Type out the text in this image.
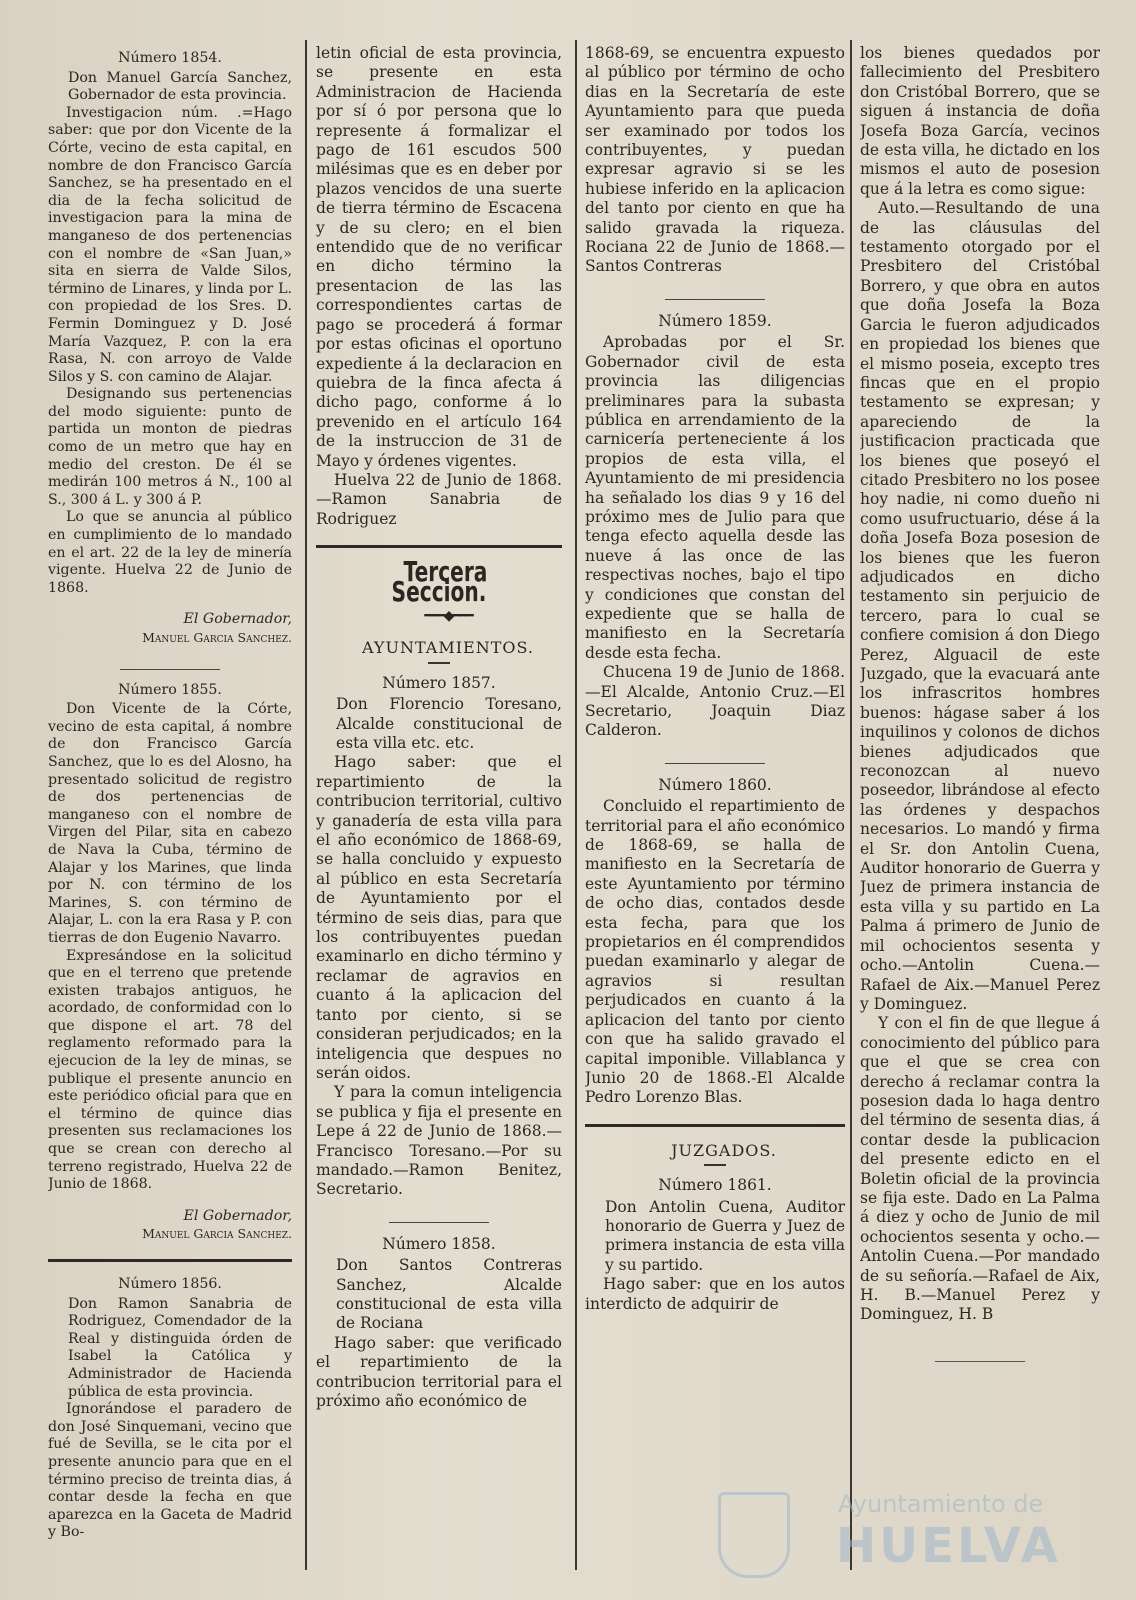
Número 1854.

Don Manuel García Sanchez, Gobernador de esta provincia.

Investigacion núm. .=Hago saber: que por don Vicente de la Córte, vecino de esta capital, en nombre de don Francisco García Sanchez, se ha presentado en el dia de la fecha solicitud de investigacion para la mina de manganeso de dos pertenencias con el nombre de «San Juan,» sita en sierra de Valde Silos, término de Linares, y linda por L. con propiedad de los Sres. D. Fermin Dominguez y D. José María Vazquez, P. con la era Rasa, N. con arroyo de Valde Silos y S. con camino de Alajar.

Designando sus pertenencias del modo siguiente: punto de partida un monton de piedras como de un metro que hay en medio del creston. De él se medirán 100 metros á N., 100 al S., 300 á L. y 300 á P.

Lo que se anuncia al público en cumplimiento de lo mandado en el art. 22 de la ley de minería vigente. Huelva 22 de Junio de 1868.

El Gobernador,

Manuel Garcia Sanchez.

Número 1855.

Don Vicente de la Córte, vecino de esta capital, á nombre de don Francisco García Sanchez, que lo es del Alosno, ha presentado solicitud de registro de dos pertenencias de manganeso con el nombre de Virgen del Pilar, sita en cabezo de Nava la Cuba, término de Alajar y los Marines, que linda por N. con término de los Marines, S. con término de Alajar, L. con la era Rasa y P. con tierras de don Eugenio Navarro.

Expresándose en la solicitud que en el terreno que pretende existen trabajos antiguos, he acordado, de conformidad con lo que dispone el art. 78 del reglamento reformado para la ejecucion de la ley de minas, se publique el presente anuncio en este periódico oficial para que en el término de quince dias presenten sus reclamaciones los que se crean con derecho al terreno registrado, Huelva 22 de Junio de 1868.

El Gobernador,

Manuel Garcia Sanchez.

Número 1856.

Don Ramon Sanabria de Rodriguez, Comendador de la Real y distinguida órden de Isabel la Católica y Administrador de Hacienda pública de esta provincia.

Ignorándose el paradero de don José Sinquemani, vecino que fué de Sevilla, se le cita por el presente anuncio para que en el término preciso de treinta dias, á contar desde la fecha en que aparezca en la Gaceta de Madrid y Bo-

letin oficial de esta provincia, se presente en esta Administracion de Hacienda por sí ó por persona que lo represente á formalizar el pago de 161 escudos 500 milésimas que es en deber por plazos vencidos de una suerte de tierra término de Escacena y de su clero; en el bien entendido que de no verificar en dicho término la presentacion de las las correspondientes cartas de pago se procederá á formar por estas oficinas el oportuno expediente á la declaracion en quiebra de la finca afecta á dicho pago, conforme á lo prevenido en el artículo 164 de la instruccion de 31 de Mayo y órdenes vigentes.

Huelva 22 de Junio de 1868.—Ramon Sanabria de Rodriguez

Tercera Seccion.

━━━◆━━━

AYUNTAMIENTOS.

Número 1857.

Don Florencio Toresano, Alcalde constitucional de esta villa etc. etc.

Hago saber: que el repartimiento de la contribucion territorial, cultivo y ganadería de esta villa para el año económico de 1868-69, se halla concluido y expuesto al público en esta Secretaría de Ayuntamiento por el término de seis dias, para que los contribuyentes puedan examinarlo en dicho término y reclamar de agravios en cuanto á la aplicacion del tanto por ciento, si se consideran perjudicados; en la inteligencia que despues no serán oidos.

Y para la comun inteligencia se publica y fija el presente en Lepe á 22 de Junio de 1868.—Francisco Toresano.—Por su mandado.—Ramon Benitez, Secretario.

Número 1858.

Don Santos Contreras Sanchez, Alcalde constitucional de esta villa de Rociana

Hago saber: que verificado el repartimiento de la contribucion territorial para el próximo año económico de

1868-69, se encuentra expuesto al público por término de ocho dias en la Secretaría de este Ayuntamiento para que pueda ser examinado por todos los contribuyentes, y puedan expresar agravio si se les hubiese inferido en la aplicacion del tanto por ciento en que ha salido gravada la riqueza. Rociana 22 de Junio de 1868.—Santos Contreras

Número 1859.

Aprobadas por el Sr. Gobernador civil de esta provincia las diligencias preliminares para la subasta pública en arrendamiento de la carnicería perteneciente á los propios de esta villa, el Ayuntamiento de mi presidencia ha señalado los dias 9 y 16 del próximo mes de Julio para que tenga efecto aquella desde las nueve á las once de las respectivas noches, bajo el tipo y condiciones que constan del expediente que se halla de manifiesto en la Secretaría desde esta fecha.

Chucena 19 de Junio de 1868.—El Alcalde, Antonio Cruz.—El Secretario, Joaquin Diaz Calderon.

Número 1860.

Concluido el repartimiento de territorial para el año económico de 1868-69, se halla de manifiesto en la Secretaría de este Ayuntamiento por término de ocho dias, contados desde esta fecha, para que los propietarios en él comprendidos puedan examinarlo y alegar de agravios si resultan perjudicados en cuanto á la aplicacion del tanto por ciento con que ha salido gravado el capital imponible. Villablanca y Junio 20 de 1868.-El Alcalde Pedro Lorenzo Blas.

JUZGADOS.

Número 1861.

Don Antolin Cuena, Auditor honorario de Guerra y Juez de primera instancia de esta villa y su partido.

Hago saber: que en los autos interdicto de adquirir de

los bienes quedados por fallecimiento del Presbitero don Cristóbal Borrero, que se siguen á instancia de doña Josefa Boza García, vecinos de esta villa, he dictado en los mismos el auto de posesion que á la letra es como sigue:

Auto.—Resultando de una de las cláusulas del testamento otorgado por el Presbitero del Cristóbal Borrero, y que obra en autos que doña Josefa la Boza Garcia le fueron adjudicados en propiedad los bienes que el mismo poseia, excepto tres fincas que en el propio testamento se expresan; y apareciendo de la justificacion practicada que los bienes que poseyó el citado Presbitero no los posee hoy nadie, ni como dueño ni como usufructuario, dése á la doña Josefa Boza posesion de los bienes que les fueron adjudicados en dicho testamento sin perjuicio de tercero, para lo cual se confiere comision á don Diego Perez, Alguacil de este Juzgado, que la evacuará ante los infrascritos hombres buenos: hágase saber á los inquilinos y colonos de dichos bienes adjudicados que reconozcan al nuevo poseedor, librándose al efecto las órdenes y despachos necesarios. Lo mandó y firma el Sr. don Antolin Cuena, Auditor honorario de Guerra y Juez de primera instancia de esta villa y su partido en La Palma á primero de Junio de mil ochocientos sesenta y ocho.—Antolin Cuena.—Rafael de Aix.—Manuel Perez y Dominguez.

Y con el fin de que llegue á conocimiento del público para que el que se crea con derecho á reclamar contra la posesion dada lo haga dentro del término de sesenta dias, á contar desde la publicacion del presente edicto en el Boletin oficial de la provincia se fija este. Dado en La Palma á diez y ocho de Junio de mil ochocientos sesenta y ocho.—Antolin Cuena.—Por mandado de su señoría.—Rafael de Aix, H. B.—Manuel Perez y Dominguez, H. B

Ayuntamiento de
HUELVA
